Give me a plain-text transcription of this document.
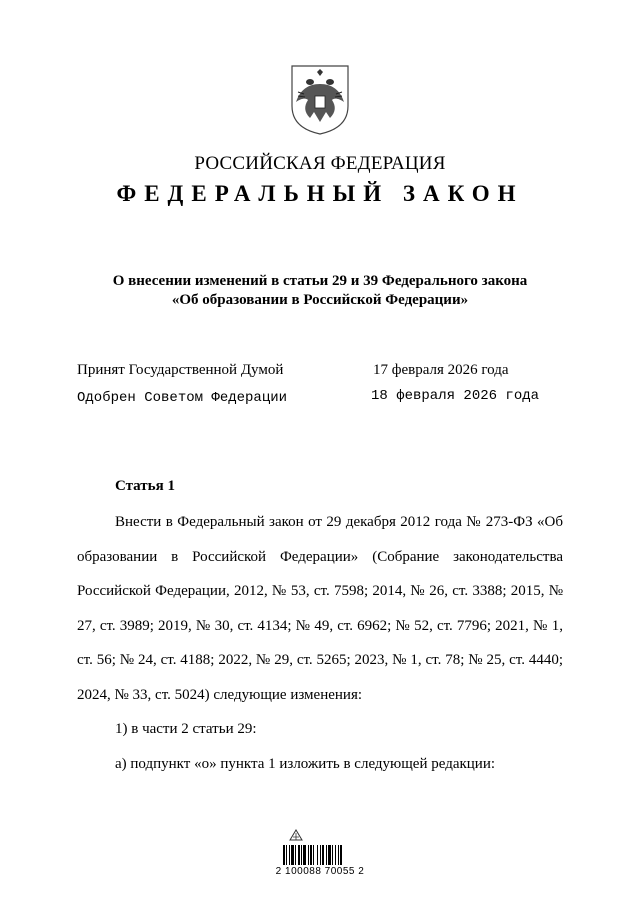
РОССИЙСКАЯ ФЕДЕРАЦИЯ
ФЕДЕРАЛЬНЫЙ ЗАКОН
О внесении изменений в статьи 29 и 39 Федерального закона
«Об образовании в Российской Федерации»
Принят Государственной Думой	17 февраля 2026 года
Одобрен Советом Федерации	18 февраля 2026 года
Статья 1

Внести в Федеральный закон от 29 декабря 2012 года № 273-ФЗ «Об образовании в Российской Федерации» (Собрание законодательства Российской Федерации, 2012, № 53, ст. 7598; 2014, № 26, ст. 3388; 2015, № 27, ст. 3989; 2019, № 30, ст. 4134; № 49, ст. 6962; № 52, ст. 7796; 2021, № 1, ст. 56; № 24, ст. 4188; 2022, № 29, ст. 5265; 2023, № 1, ст. 78; № 25, ст. 4440; 2024, № 33, ст. 5024) следующие изменения:

1) в части 2 статьи 29:

а) подпункт «о» пункта 1 изложить в следующей редакции:

2 100088 70055 2
